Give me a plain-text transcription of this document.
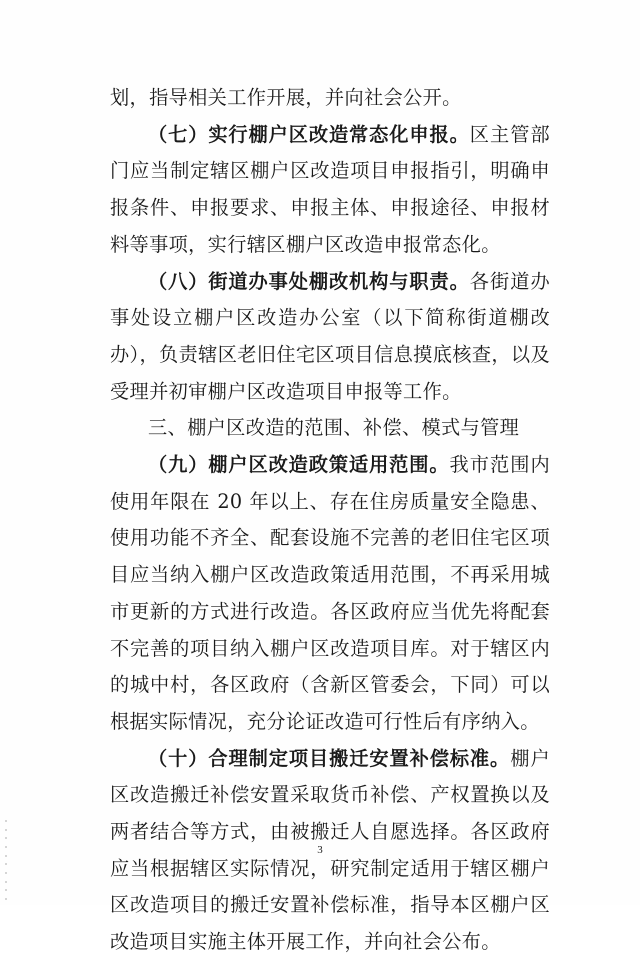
划，指导相关工作开展，并向社会公开。

（七）实行棚户区改造常态化申报。区主管部门应当制定辖区棚户区改造项目申报指引，明确申报条件、申报要求、申报主体、申报途径、申报材料等事项，实行辖区棚户区改造申报常态化。

（八）街道办事处棚改机构与职责。各街道办事处设立棚户区改造办公室（以下简称街道棚改办），负责辖区老旧住宅区项目信息摸底核查，以及受理并初审棚户区改造项目申报等工作。

三、棚户区改造的范围、补偿、模式与管理

（九）棚户区改造政策适用范围。我市范围内使用年限在 20 年以上、存在住房质量安全隐患、使用功能不齐全、配套设施不完善的老旧住宅区项目应当纳入棚户区改造政策适用范围，不再采用城市更新的方式进行改造。各区政府应当优先将配套不完善的项目纳入棚户区改造项目库。对于辖区内的城中村，各区政府（含新区管委会，下同）可以根据实际情况，充分论证改造可行性后有序纳入。

（十）合理制定项目搬迁安置补偿标准。棚户区改造搬迁补偿安置采取货币补偿、产权置换以及两者结合等方式，由被搬迁人自愿选择。各区政府应当根据辖区实际情况，研究制定适用于辖区棚户区改造项目的搬迁安置补偿标准，指导本区棚户区改造项目实施主体开展工作，并向社会公布。

3
